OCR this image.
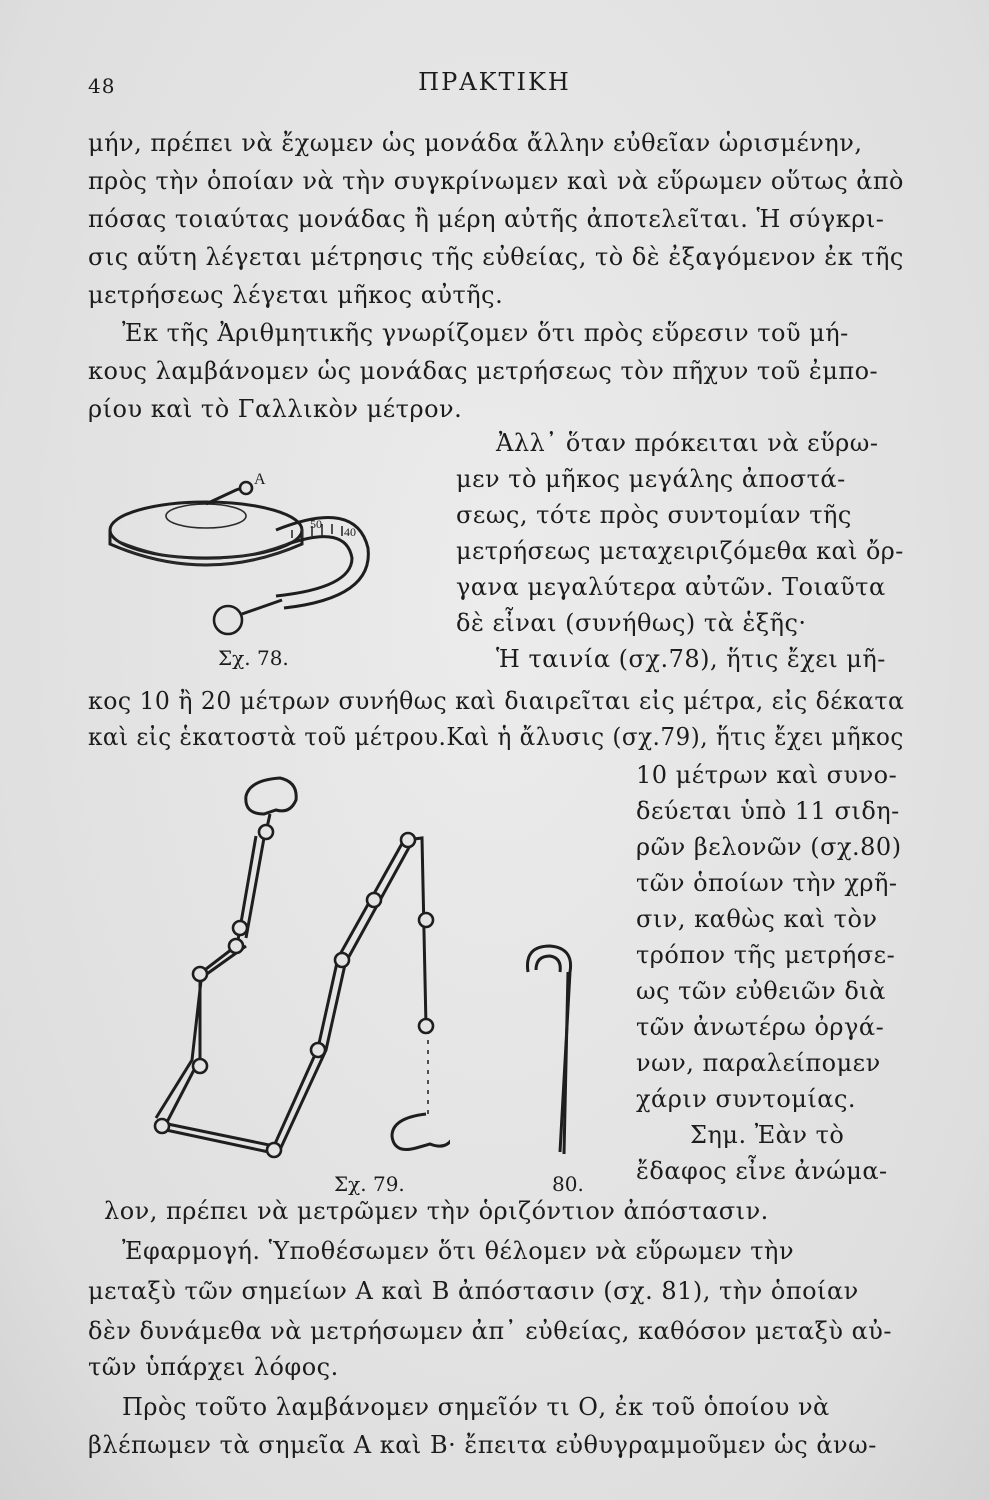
48	ΠΡΑΚΤΙΚΗ
μήν, πρέπει νὰ ἔχωμεν ὡς μονάδα ἄλλην εὐθεῖαν ὡρισμένην,
πρὸς τὴν ὁποίαν νὰ τὴν συγκρίνωμεν καὶ νὰ εὕρωμεν οὕτως ἀπὸ
πόσας τοιαύτας μονάδας ἢ μέρη αὐτῆς ἀποτελεῖται. Ἡ σύγκρι-
σις αὕτη λέγεται μέτρησις τῆς εὐθείας, τὸ δὲ ἐξαγόμενον ἐκ τῆς
μετρήσεως λέγεται μῆκος αὐτῆς.
Ἐκ τῆς Ἀριθμητικῆς γνωρίζομεν ὅτι πρὸς εὕρεσιν τοῦ μή-
κους λαμβάνομεν ὡς μονάδας μετρήσεως τὸν πῆχυν τοῦ ἐμπο-
ρίου καὶ τὸ Γαλλικὸν μέτρον.
Ἀλλ᾽ ὅταν πρόκειται νὰ εὕρω-
μεν τὸ μῆκος μεγάλης ἀποστά-
σεως, τότε πρὸς συντομίαν τῆς
μετρήσεως μεταχειριζόμεθα καὶ ὄρ-
γανα μεγαλύτερα αὐτῶν. Τοιαῦτα
δὲ εἶναι (συνήθως) τὰ ἑξῆς·
Ἡ ταινία (σχ.78), ἥτις ἔχει μῆ-
50
40
A
Σχ. 78.
κος 10 ἢ 20 μέτρων συνήθως καὶ διαιρεῖται εἰς μέτρα, εἰς δέκατα
καὶ εἰς ἑκατοστὰ τοῦ μέτρου.Καὶ ἡ ἄλυσις (σχ.79), ἥτις ἔχει μῆκος
10 μέτρων καὶ συνο-
δεύεται ὑπὸ 11 σιδη-
ρῶν βελονῶν (σχ.80)
τῶν ὁποίων τὴν χρῆ-
σιν, καθὼς καὶ τὸν
τρόπον τῆς μετρήσε-
ως τῶν εὐθειῶν διὰ
τῶν ἀνωτέρω ὀργά-
νων, παραλείπομεν
χάριν συντομίας.
Σημ. Ἐὰν τὸ
ἔδαφος εἶνε ἀνώμα-
Σχ. 79.	80.
λον, πρέπει νὰ μετρῶμεν τὴν ὁριζόντιον ἀπόστασιν.
Ἐφαρμογή. Ὑποθέσωμεν ὅτι θέλομεν νὰ εὕρωμεν τὴν
μεταξὺ τῶν σημείων Α καὶ Β ἀπόστασιν (σχ. 81), τὴν ὁποίαν
δὲν δυνάμεθα νὰ μετρήσωμεν ἀπ᾽ εὐθείας, καθόσον μεταξὺ αὐ-
τῶν ὑπάρχει λόφος.
Πρὸς τοῦτο λαμβάνομεν σημεῖόν τι Ο, ἐκ τοῦ ὁποίου νὰ
βλέπωμεν τὰ σημεῖα Α καὶ Β· ἔπειτα εὐθυγραμμοῦμεν ὡς ἀνω-
